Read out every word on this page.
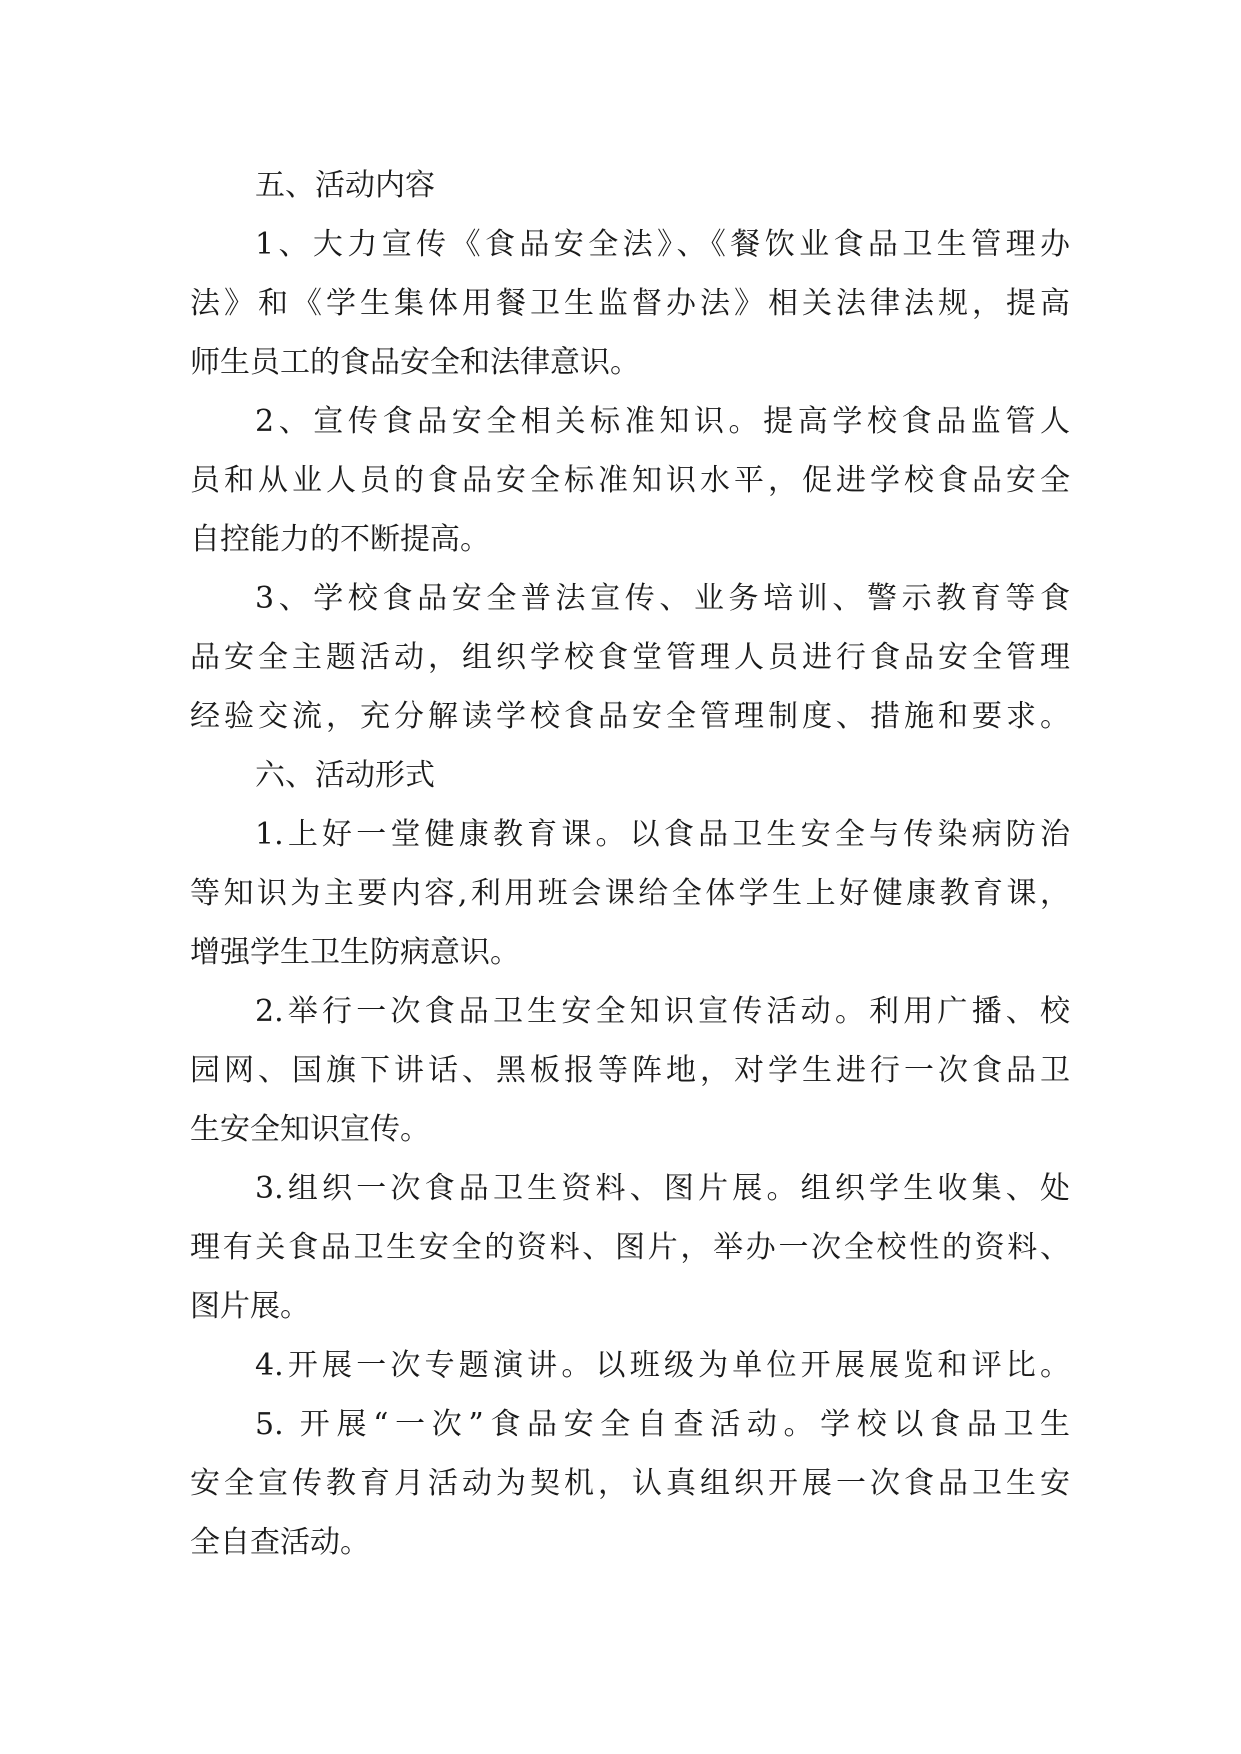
五、活动内容
1、大力宣传《食品安全法》、《餐饮业食品卫生管理办
法》和《学生集体用餐卫生监督办法》相关法律法规，提高
师生员工的食品安全和法律意识。
2、宣传食品安全相关标准知识。提高学校食品监管人
员和从业人员的食品安全标准知识水平，促进学校食品安全
自控能力的不断提高。
3、学校食品安全普法宣传、业务培训、警示教育等食
品安全主题活动，组织学校食堂管理人员进行食品安全管理
经验交流，充分解读学校食品安全管理制度、措施和要求。
六、活动形式
1.上好一堂健康教育课。以食品卫生安全与传染病防治
等知识为主要内容,利用班会课给全体学生上好健康教育课，
增强学生卫生防病意识。
2.举行一次食品卫生安全知识宣传活动。利用广播、校
园网、国旗下讲话、黑板报等阵地，对学生进行一次食品卫
生安全知识宣传。
3.组织一次食品卫生资料、图片展。组织学生收集、处
理有关食品卫生安全的资料、图片，举办一次全校性的资料、
图片展。
4.开展一次专题演讲。以班级为单位开展展览和评比。
5. 开展“一次”食品安全自查活动。学校以食品卫生
安全宣传教育月活动为契机，认真组织开展一次食品卫生安
全自查活动。
